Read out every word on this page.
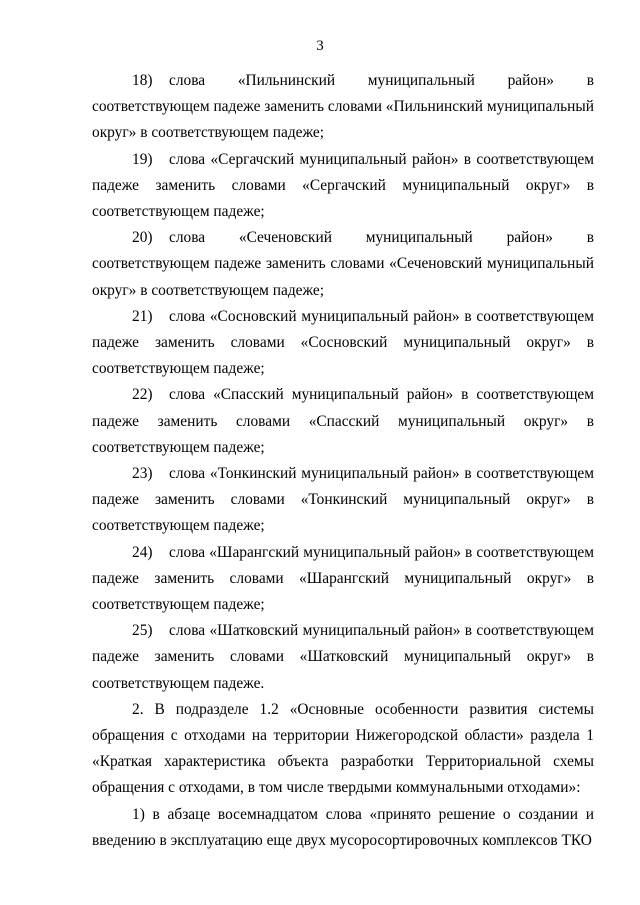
3

18) слова «Пильнинский муниципальный район» в соответствующем падеже заменить словами «Пильнинский муниципальный округ» в соответствующем падеже;

19) слова «Сергачский муниципальный район» в соответствующем падеже заменить словами «Сергачский муниципальный округ» в соответствующем падеже;

20) слова «Сеченовский муниципальный район» в соответствующем падеже заменить словами «Сеченовский муниципальный округ» в соответствующем падеже;

21) слова «Сосновский муниципальный район» в соответствующем падеже заменить словами «Сосновский муниципальный округ» в соответствующем падеже;

22) слова «Спасский муниципальный район» в соответствующем падеже заменить словами «Спасский муниципальный округ» в соответствующем падеже;

23) слова «Тонкинский муниципальный район» в соответствующем падеже заменить словами «Тонкинский муниципальный округ» в соответствующем падеже;

24) слова «Шарангский муниципальный район» в соответствующем падеже заменить словами «Шарангский муниципальный округ» в соответствующем падеже;

25) слова «Шатковский муниципальный район» в соответствующем падеже заменить словами «Шатковский муниципальный округ» в соответствующем падеже.

2. В подразделе 1.2 «Основные особенности развития системы обращения с отходами на территории Нижегородской области» раздела 1 «Краткая характеристика объекта разработки Территориальной схемы обращения с отходами, в том числе твердыми коммунальными отходами»:

1) в абзаце восемнадцатом слова «принято решение о создании и введению в эксплуатацию еще двух мусоросортировочных комплексов ТКО
